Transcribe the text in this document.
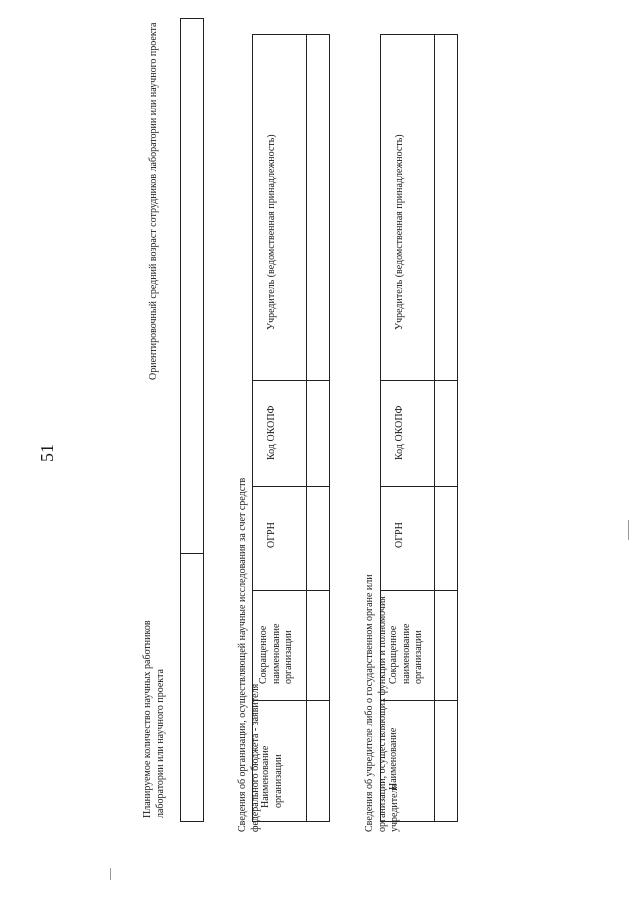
51
Планируемое количество научных работников
лаборатории или научного проекта
Ориентировочный средний возраст сотрудников лаборатории или научного проекта
Сведения об организации, осуществляющей научные исследования за счет средств федерального бюджета - заявителя Наименование
организации
Сокращенное
наименование
организации
ОГРН
Код ОКОПФ
Учредитель (ведомственная принадлежность)
Сведения об учредителе либо о государственном органе или организации, осуществляющих функции и полномочия учредителя
Наименование
Сокращенное
наименование
организации
ОГРН
Код ОКОПФ
Учредитель (ведомственная принадлежность)
